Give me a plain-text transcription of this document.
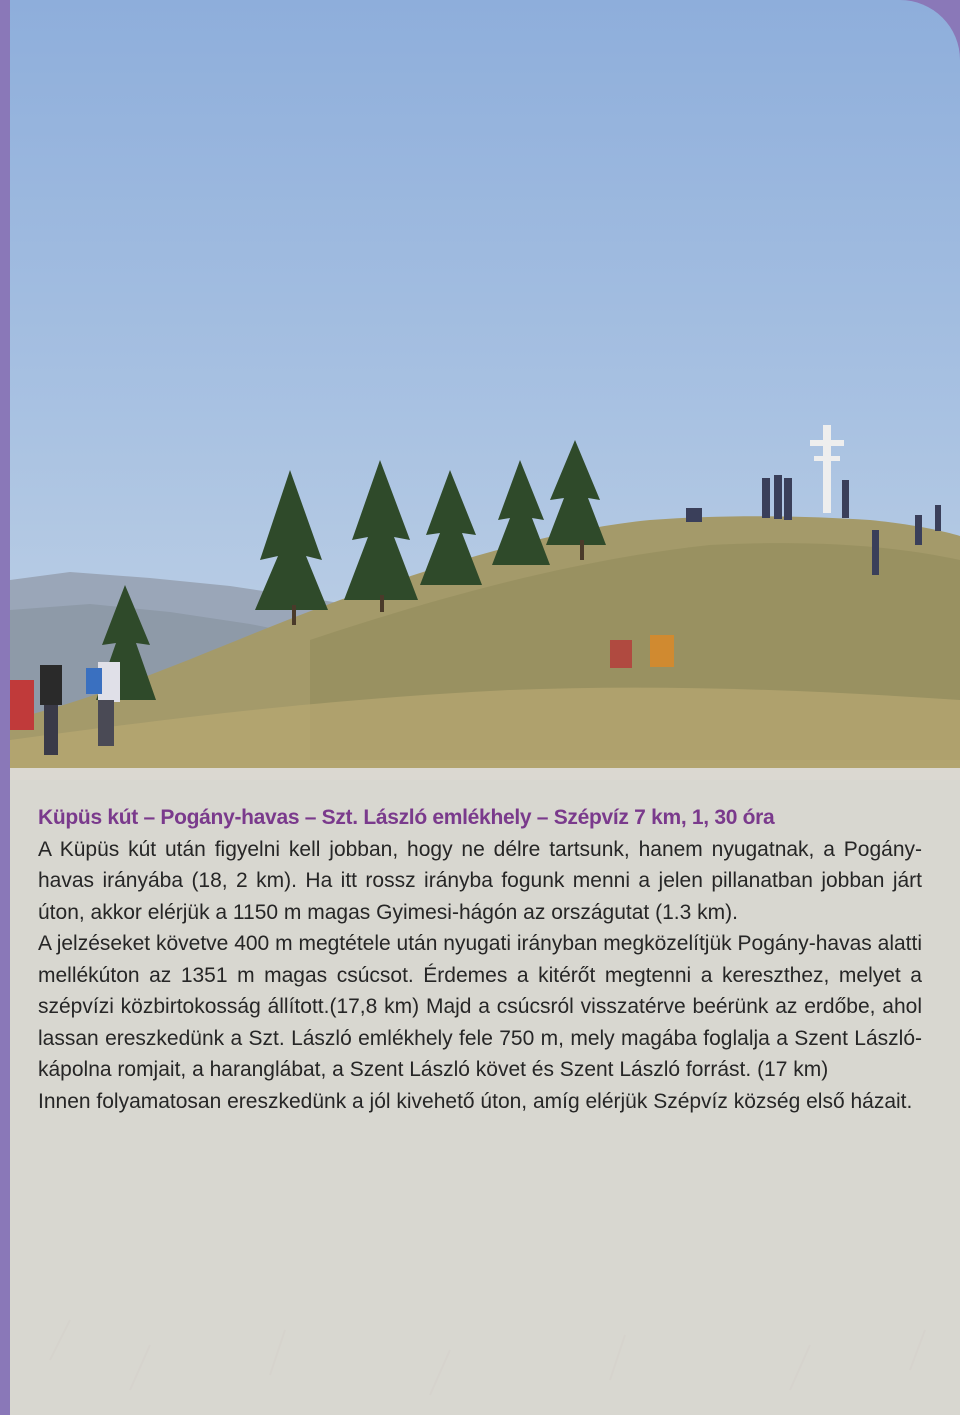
Küpüs kút – Pogány-havas – Szt. László emlékhely – Szépvíz 7 km, 1, 30 óra

A Küpüs kút után figyelni kell jobban, hogy ne délre tartsunk, hanem nyugatnak, a Pogány-havas irányába (18, 2 km). Ha itt rossz irányba fogunk menni a jelen pillanatban jobban járt úton, akkor elérjük a 1150 m magas Gyimesi-hágón az országutat (1.3 km).

A jelzéseket követve 400 m megtétele után nyugati irányban megközelítjük Pogány-havas alatti mellékúton az 1351 m magas csúcsot. Érdemes a kitérőt megtenni a kereszthez, melyet a szépvízi közbirtokosság állított.(17,8 km) Majd a csúcsról visszatérve beérünk az erdőbe, ahol lassan ereszkedünk a Szt. László emlékhely fele 750 m, mely magába foglalja a Szent László-kápolna romjait, a haranglábat, a Szent László követ és Szent László forrást. (17 km)

Innen folyamatosan ereszkedünk a jól kivehető úton, amíg elérjük Szépvíz község első házait.
